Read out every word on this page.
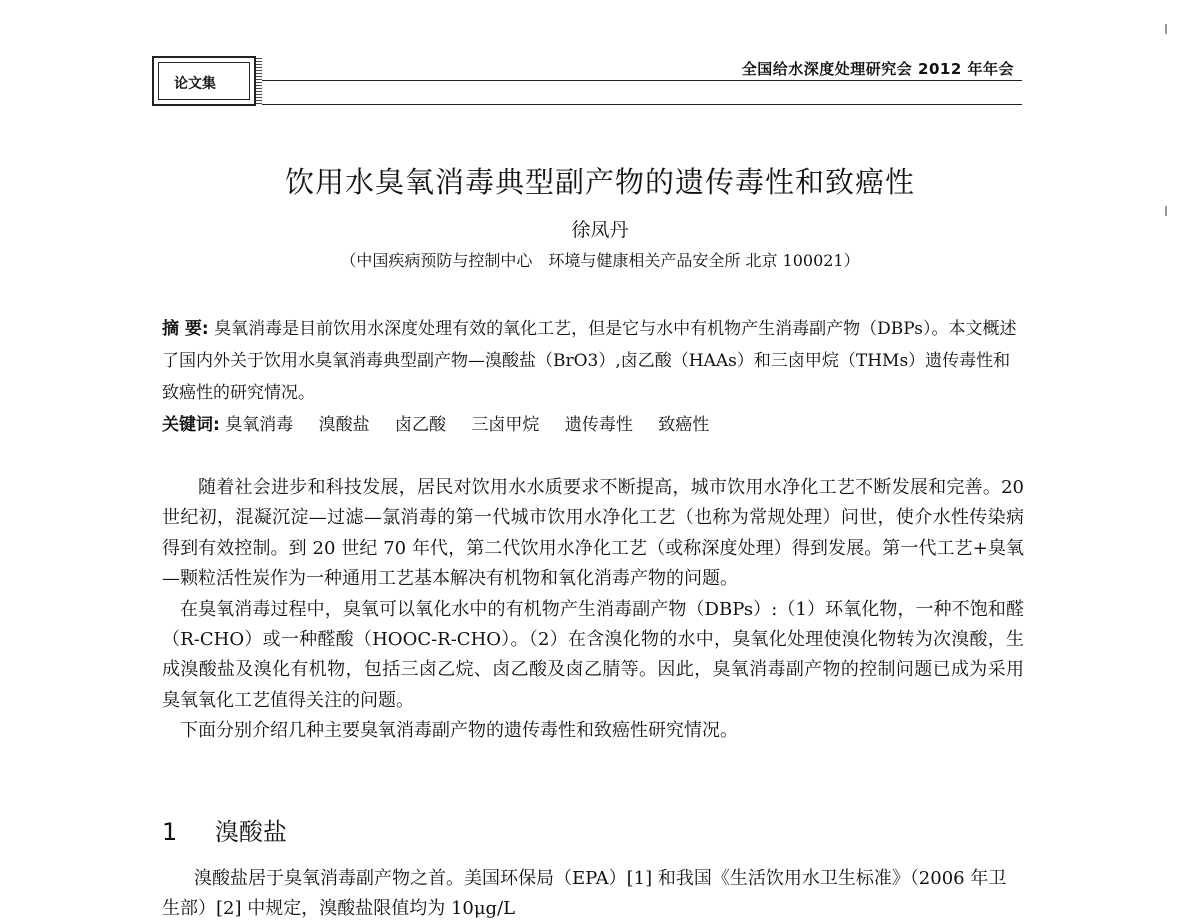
论文集
全国给水深度处理研究会 2012 年年会
饮用水臭氧消毒典型副产物的遗传毒性和致癌性
徐凤丹
（中国疾病预防与控制中心　环境与健康相关产品安全所 北京 100021）
摘 要: 臭氧消毒是目前饮用水深度处理有效的氧化工艺，但是它与水中有机物产生消毒副产物（DBPs）。本文概述了国内外关于饮用水臭氧消毒典型副产物—溴酸盐（BrO3）,卤乙酸（HAAs）和三卤甲烷（THMs）遗传毒性和致癌性的研究情况。
关键词: 臭氧消毒 溴酸盐 卤乙酸 三卤甲烷 遗传毒性 致癌性

随着社会进步和科技发展，居民对饮用水水质要求不断提高，城市饮用水净化工艺不断发展和完善。20 世纪初，混凝沉淀—过滤—氯消毒的第一代城市饮用水净化工艺（也称为常规处理）问世，使介水性传染病得到有效控制。到 20 世纪 70 年代，第二代饮用水净化工艺（或称深度处理）得到发展。第一代工艺+臭氧—颗粒活性炭作为一种通用工艺基本解决有机物和氧化消毒产物的问题。

在臭氧消毒过程中，臭氧可以氧化水中的有机物产生消毒副产物（DBPs）:（1）环氧化物，一种不饱和醛（R-CHO）或一种醛酸（HOOC-R-CHO）。（2）在含溴化物的水中，臭氧化处理使溴化物转为次溴酸，生成溴酸盐及溴化有机物，包括三卤乙烷、卤乙酸及卤乙腈等。因此，臭氧消毒副产物的控制问题已成为采用臭氧氧化工艺值得关注的问题。

下面分别介绍几种主要臭氧消毒副产物的遗传毒性和致癌性研究情况。

1 溴酸盐
溴酸盐居于臭氧消毒副产物之首。美国环保局（EPA）[1] 和我国《生活饮用水卫生标准》（2006 年卫生部）[2] 中规定，溴酸盐限值均为 10μg/L
